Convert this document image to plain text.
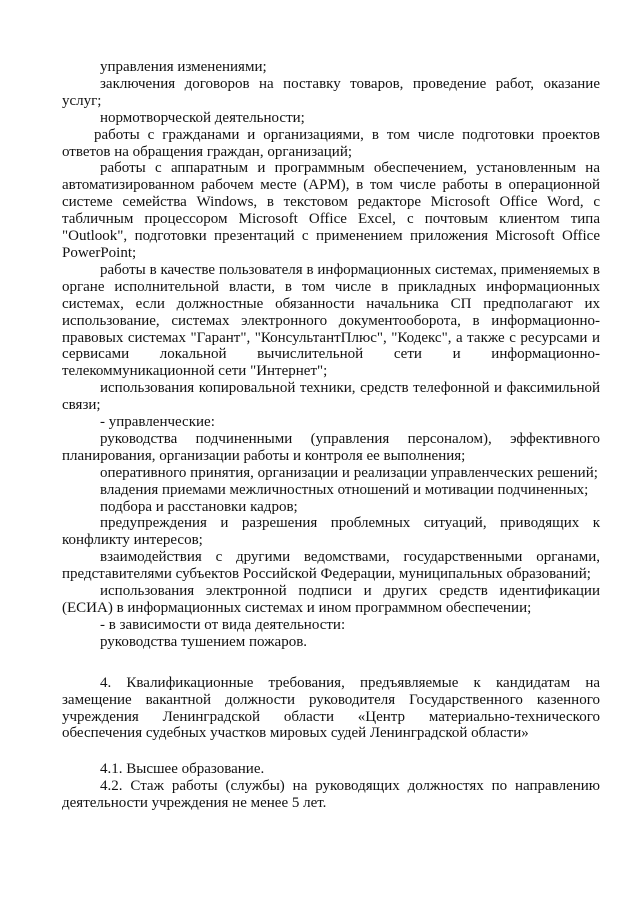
управления изменениями;

заключения договоров на поставку товаров, проведение работ, оказание услуг;

нормотворческой деятельности;

работы с гражданами и организациями, в том числе подготовки проектов ответов на обращения граждан, организаций;

работы с аппаратным и программным обеспечением, установленным на автоматизированном рабочем месте (АРМ), в том числе работы в операционной системе семейства Windows, в текстовом редакторе Microsoft Office Word, с табличным процессором Microsoft Office Excel, с почтовым клиентом типа "Outlook", подготовки презентаций с применением приложения Microsoft Office PowerPoint;

работы в качестве пользователя в информационных системах, применяемых в органе исполнительной власти, в том числе в прикладных информационных системах, если должностные обязанности начальника СП предполагают их использование, системах электронного документооборота, в информационно-правовых системах "Гарант", "КонсультантПлюс", "Кодекс", а также с ресурсами и сервисами локальной вычислительной сети и информационно-телекоммуникационной сети "Интернет";

использования копировальной техники, средств телефонной и факсимильной связи;

- управленческие:

руководства подчиненными (управления персоналом), эффективного планирования, организации работы и контроля ее выполнения;

оперативного принятия, организации и реализации управленческих решений;

владения приемами межличностных отношений и мотивации подчиненных;

подбора и расстановки кадров;

предупреждения и разрешения проблемных ситуаций, приводящих к конфликту интересов;

взаимодействия с другими ведомствами, государственными органами, представителями субъектов Российской Федерации, муниципальных образований;

использования электронной подписи и других средств идентификации (ЕСИА) в информационных системах и ином программном обеспечении;

- в зависимости от вида деятельности:

руководства тушением пожаров.

4. Квалификационные требования, предъявляемые к кандидатам на замещение вакантной должности руководителя Государственного казенного учреждения Ленинградской области «Центр материально-технического обеспечения судебных участков мировых судей Ленинградской области»

4.1. Высшее образование.

4.2. Стаж работы (службы) на руководящих должностях по направлению деятельности учреждения не менее 5 лет.
